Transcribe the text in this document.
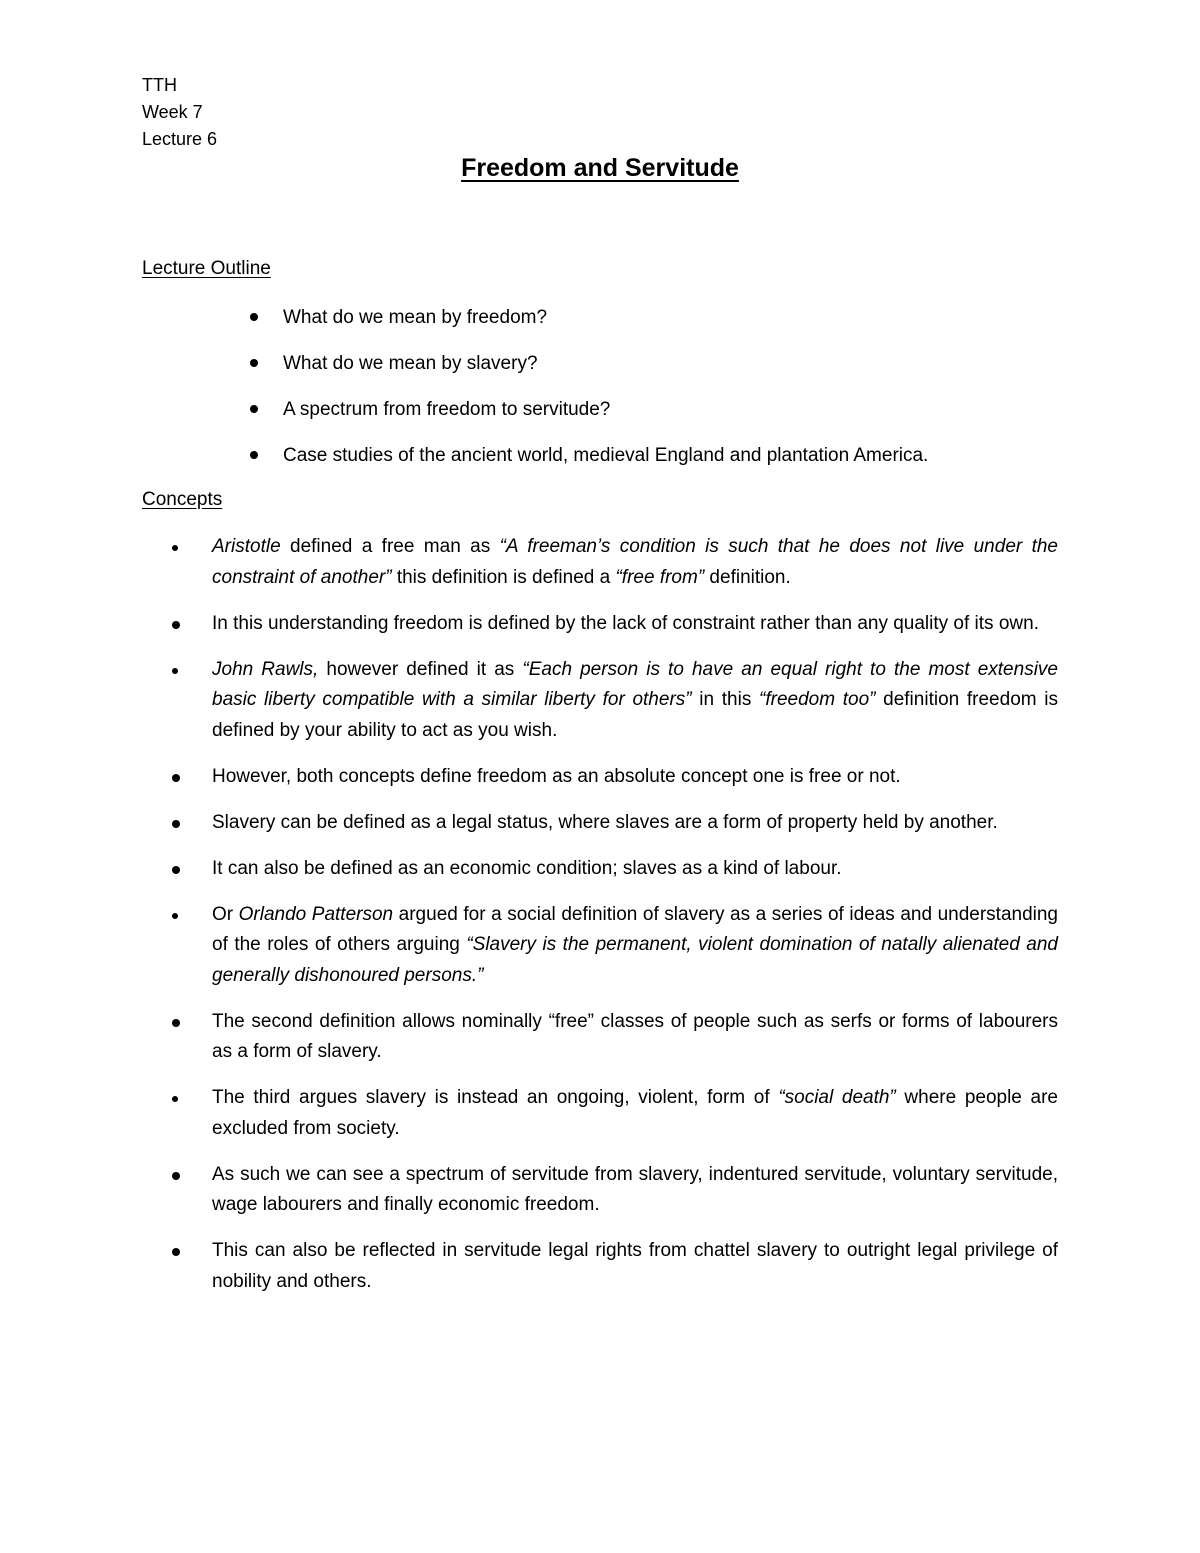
TTH
Week 7
Lecture 6
Freedom and Servitude
Lecture Outline
What do we mean by freedom?
What do we mean by slavery?
A spectrum from freedom to servitude?
Case studies of the ancient world, medieval England and plantation America.
Concepts
Aristotle defined a free man as “A freeman’s condition is such that he does not live under the constraint of another” this definition is defined a “free from” definition.
In this understanding freedom is defined by the lack of constraint rather than any quality of its own.
John Rawls, however defined it as “Each person is to have an equal right to the most extensive basic liberty compatible with a similar liberty for others” in this “freedom too” definition freedom is defined by your ability to act as you wish.
However, both concepts define freedom as an absolute concept one is free or not.
Slavery can be defined as a legal status, where slaves are a form of property held by another.
It can also be defined as an economic condition; slaves as a kind of labour.
Or Orlando Patterson argued for a social definition of slavery as a series of ideas and understanding of the roles of others arguing “Slavery is the permanent, violent domination of natally alienated and generally dishonoured persons.”
The second definition allows nominally “free” classes of people such as serfs or forms of labourers as a form of slavery.
The third argues slavery is instead an ongoing, violent, form of “social death” where people are excluded from society.
As such we can see a spectrum of servitude from slavery, indentured servitude, voluntary servitude, wage labourers and finally economic freedom.
This can also be reflected in servitude legal rights from chattel slavery to outright legal privilege of nobility and others.
